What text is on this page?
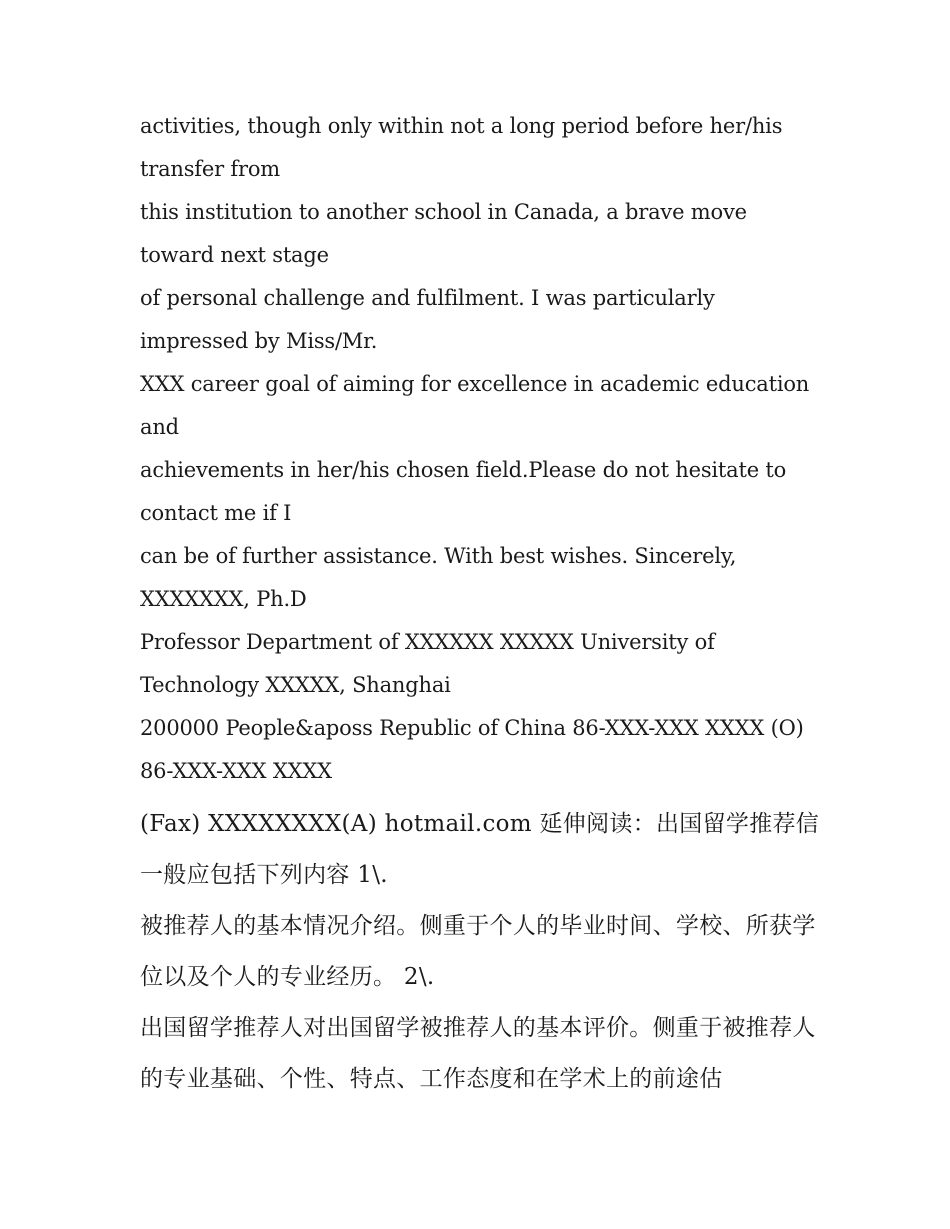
activities, though only within not a long period before her/his transfer from

this institution to another school in Canada, a brave move toward next stage

of personal challenge and fulfilment. I was particularly impressed by Miss/Mr.

XXX career goal of aiming for excellence in academic education and

achievements in her/his chosen field.Please do not hesitate to contact me if I

can be of further assistance. With best wishes. Sincerely, XXXXXXX, Ph.D

Professor Department of XXXXXX XXXXX University of Technology XXXXX, Shanghai

200000 People&aposs Republic of China 86-XXX-XXX XXXX (O) 86-XXX-XXX XXXX

(Fax) XXXXXXXX(A) hotmail.com 延伸阅读：出国留学推荐信一般应包括下列内容 1\.

被推荐人的基本情况介绍。侧重于个人的毕业时间、学校、所获学位以及个人的专业经历。 2\.

出国留学推荐人对出国留学被推荐人的基本评价。侧重于被推荐人的专业基础、个性、特点、工作态度和在学术上的前途估
